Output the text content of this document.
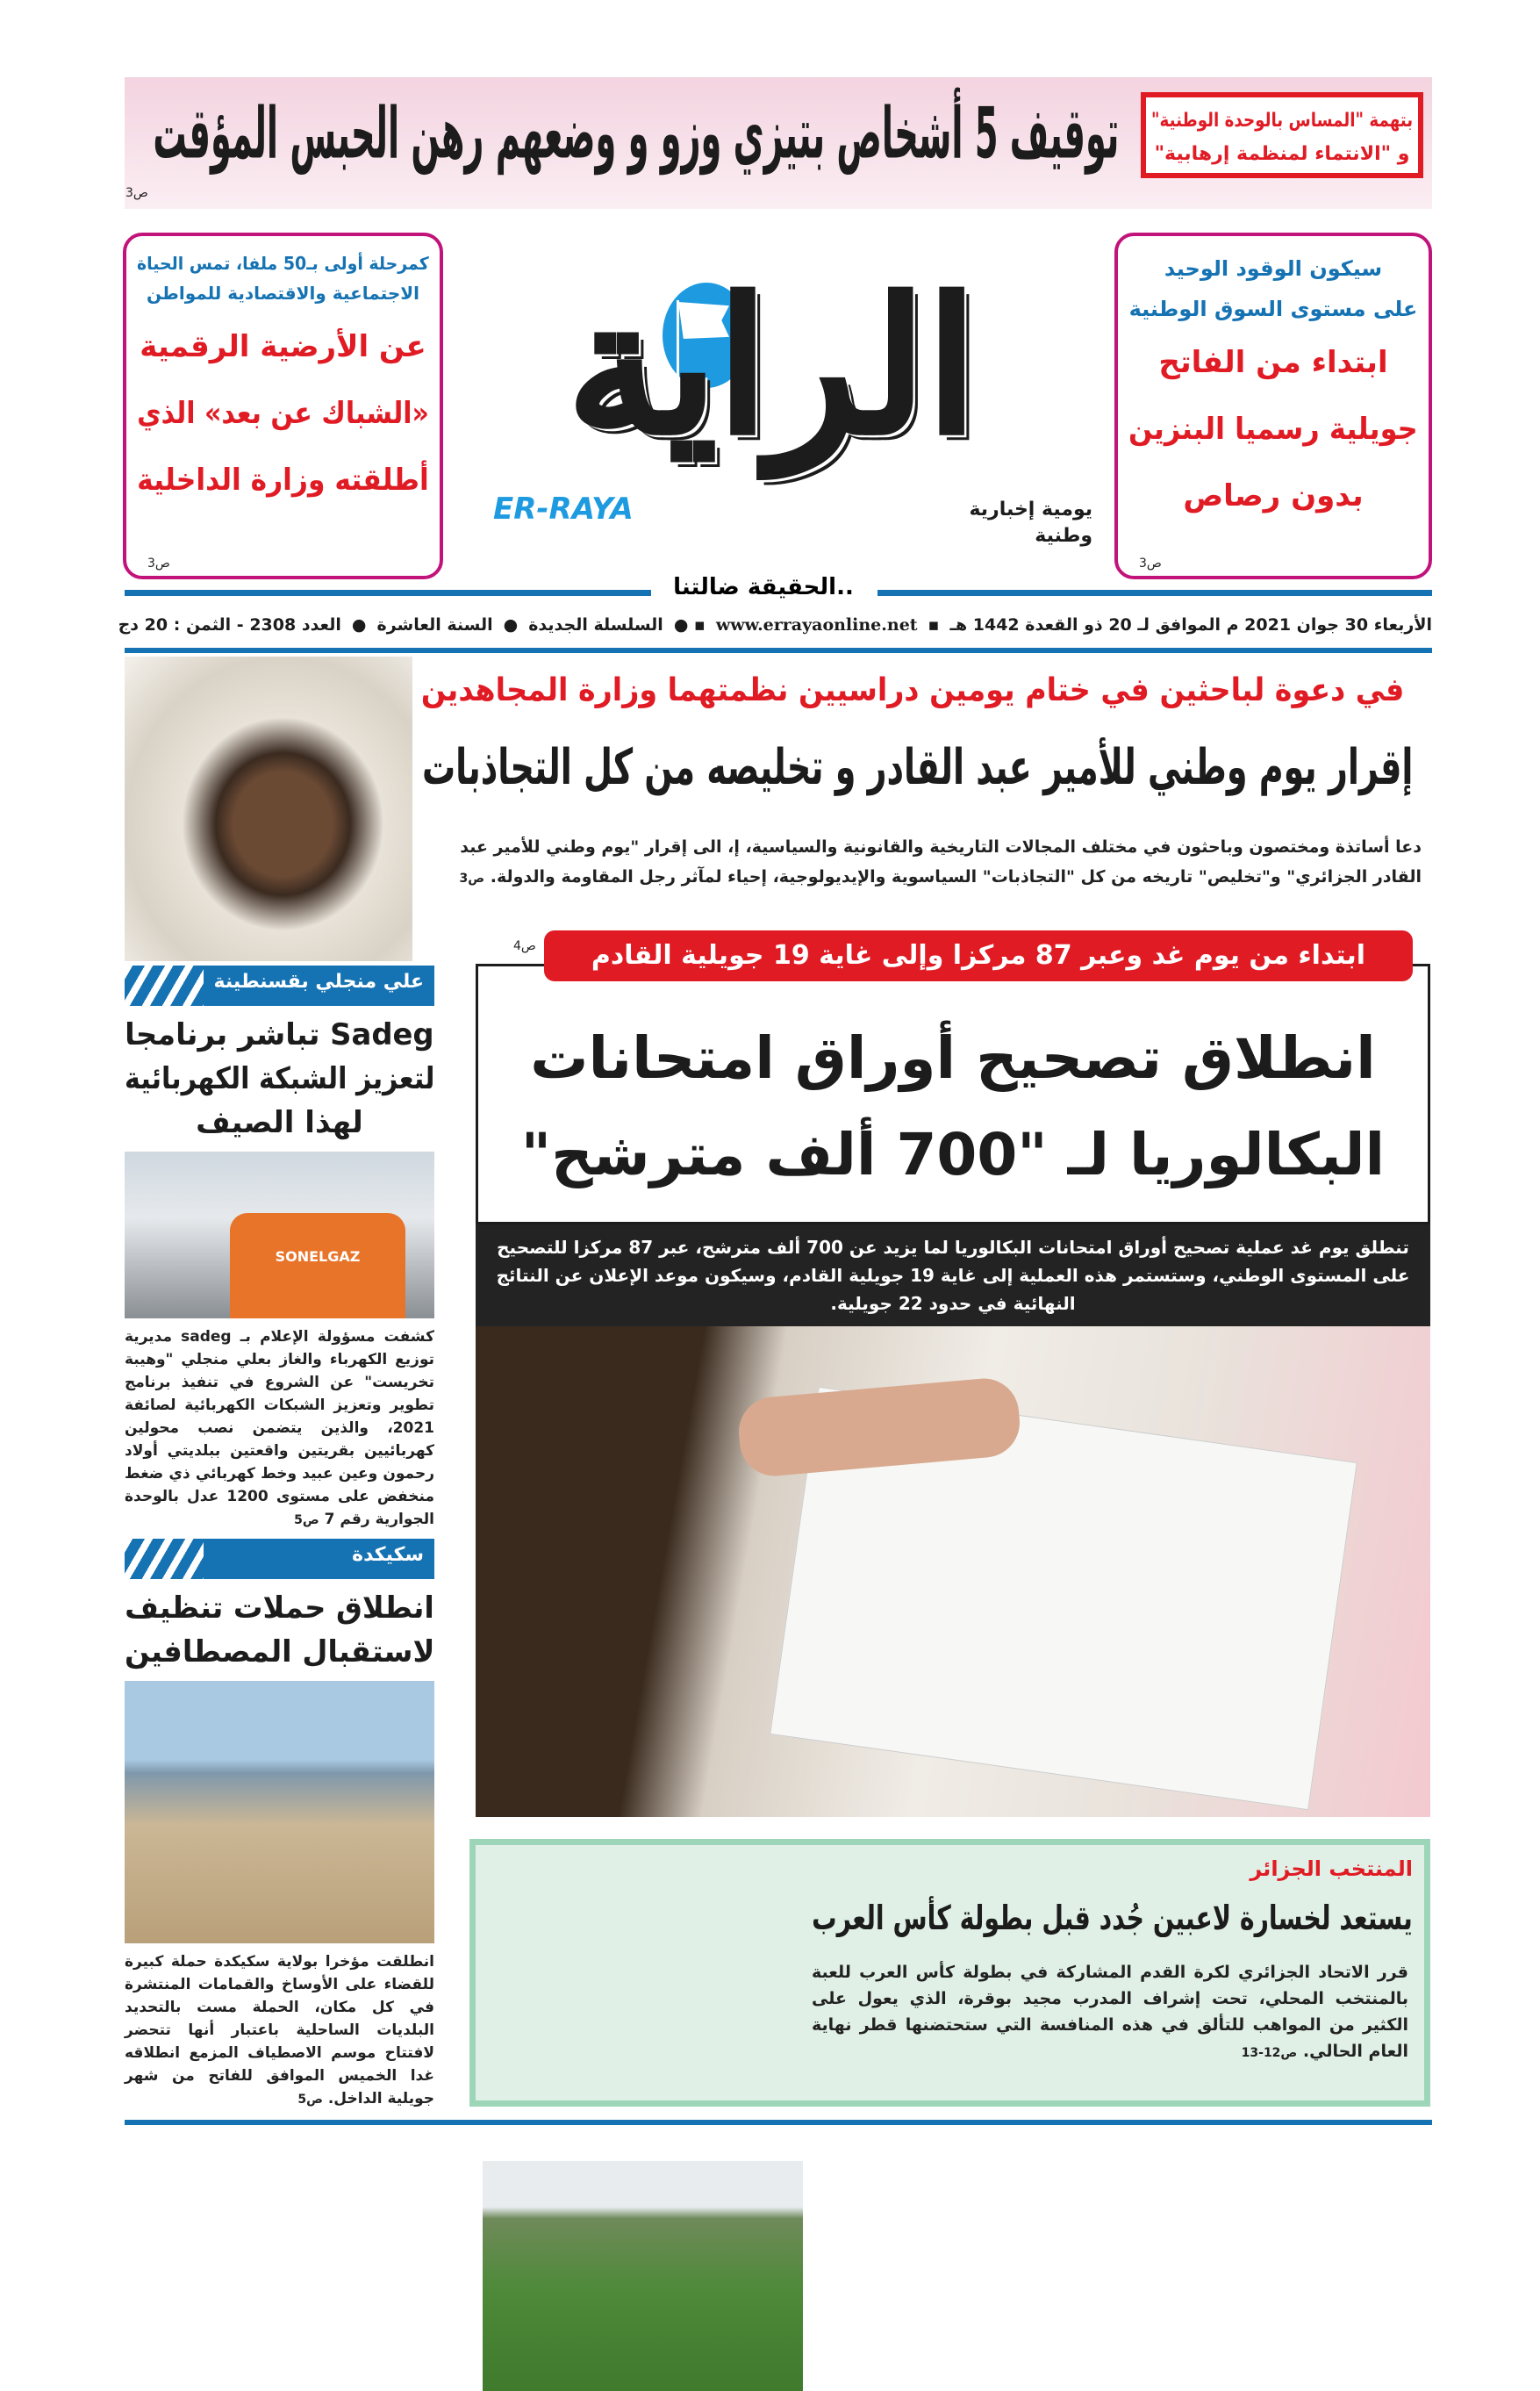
بتهمة "المساس بالوحدة الوطنية"
و "الانتماء لمنظمة إرهابية"
توقيف 5 أشخاص بتيزي وزو و وضعهم رهن الحبس المؤقت
ص3
كمرحلة أولى بـ50 ملفا، تمس الحياة
الاجتماعية والاقتصادية للمواطن
عن الأرضية الرقمية
«الشباك عن بعد» الذي
أطلقته وزارة الداخلية
ص3
سيكون الوقود الوحيد
على مستوى السوق الوطنية
ابتداء من الفاتح
جويلية رسميا البنزين
بدون رصاص
ص3
الراية
ER-RAYA	يومية إخبارية وطنية
..الحقيقة ضالتنا
الأربعاء 30 جوان 2021 م الموافق لـ 20 ذو القعدة 1442 هـ
▪
www.errayaonline.net
▪ ●
السلسلة الجديدة
●
السنة العاشرة
●
العدد 2308 - الثمن : 20 دج
في دعوة لباحثين في ختام يومين دراسيين نظمتهما وزارة المجاهدين
إقرار يوم وطني للأمير عبد القادر و تخليصه من كل التجاذبات
دعا أساتذة ومختصون وباحثون في مختلف المجالات التاريخية والقانونية والسياسية، إ، الى إقرار "يوم وطني للأمير عبد القادر الجزائري" و"تخليص" تاريخه من كل "التجاذبات" السياسوية والإيديولوجية، إحياء لمآثر رجل المقاومة والدولة. ص3
انطلاق تصحيح أوراق امتحانات
البكالوريا لـ "700 ألف مترشح"
ابتداء من يوم غد وعبر 87 مركزا وإلى غاية 19 جويلية القادم
ص4
تنطلق يوم غد عملية تصحيح أوراق امتحانات البكالوريا لما يزيد عن 700 ألف مترشح، عبر 87 مركزا للتصحيح على المستوى الوطني، وستستمر هذه العملية إلى غاية 19 جويلية القادم، وسيكون موعد الإعلان عن النتائج النهائية في حدود 22 جويلية.
علي منجلي بقسنطينة
Sadeg تباشر برنامجا
لتعزيز الشبكة الكهربائية
لهذا الصيف
SONELGAZ
كشفت مسؤولة الإعلام بـ sadeg مديرية توزيع الكهرباء والغاز بعلي منجلي "وهيبة تخريست" عن الشروع في تنفيذ برنامج تطوير وتعزيز الشبكات الكهربائية لصائفة 2021، والذين يتضمن نصب محولين كهربائيين بقريتين واقعتين ببلديتي أولاد رحمون وعين عبيد وخط كهربائي ذي ضغط منخفض على مستوى 1200 عدل بالوحدة الجوارية رقم 7 ص5
سكيكدة
انطلاق حملات تنظيف
لاستقبال المصطافين
انطلقت مؤخرا بولاية سكيكدة حملة كبيرة للقضاء على الأوساخ والقمامات المنتشرة في كل مكان، الحملة مست بالتحديد البلديات الساحلية باعتبار أنها تتحضر لافتتاح موسم الاصطياف المزمع انطلاقه غدا الخميس الموافق للفاتح من شهر جويلية الداخل. ص5
المنتخب الجزائر
يستعد لخسارة لاعبين جُدد قبل بطولة كأس العرب
قرر الاتحاد الجزائري لكرة القدم المشاركة في بطولة كأس العرب للعبة بالمنتخب المحلي، تحت إشراف المدرب مجيد بوقرة، الذي يعول على الكثير من المواهب للتألق في هذه المنافسة التي ستحتضنها قطر نهاية العام الحالي. ص12-13
